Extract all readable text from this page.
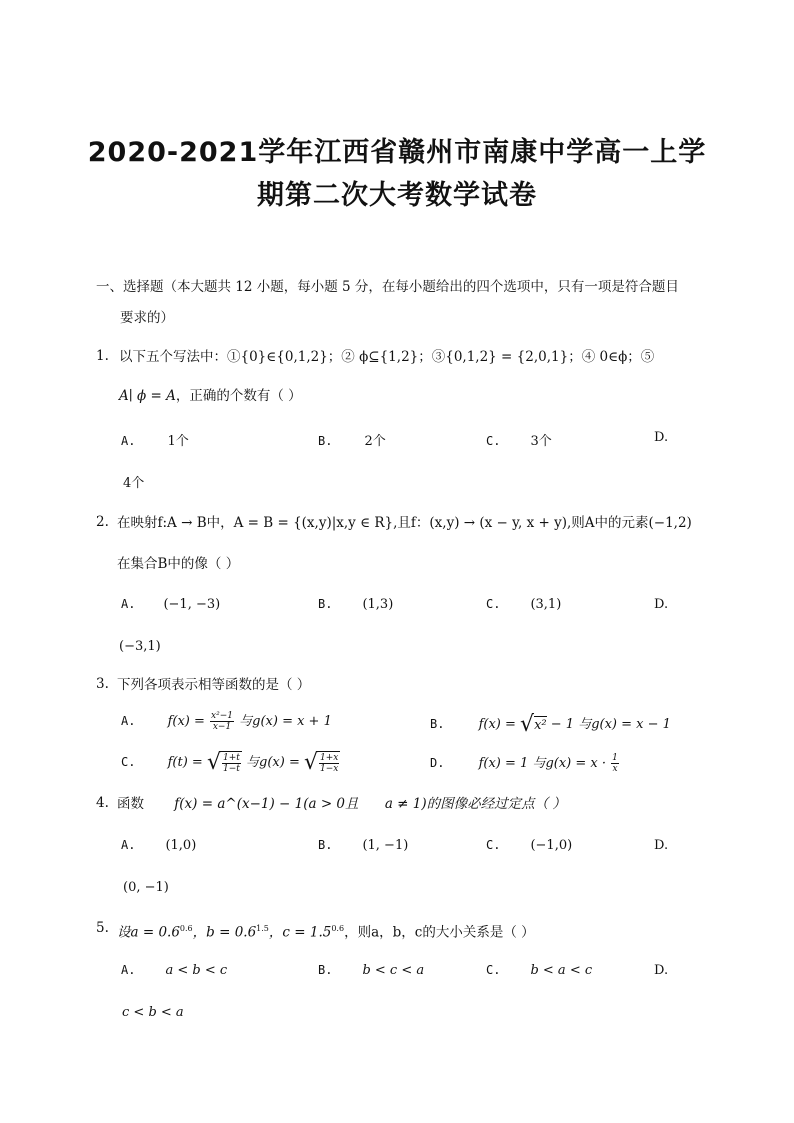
2020-2021学年江西省赣州市南康中学高一上学
期第二次大考数学试卷
一、选择题（本大题共 12 小题，每小题 5 分，在每小题给出的四个选项中，只有一项是符合题目
要求的）
1. 以下五个写法中：①{0}∈{0,1,2}；② ϕ⊆{1,2}；③{0,1,2} = {2,0,1}；④ 0∈ϕ；⑤
A∣ ϕ = A，正确的个数有（ ）
A. 1个	B. 2个	C. 3个	D.
4个
2. 在映射f:A → B中，A = B = {(x,y)|x,y ∈ R},且f：(x,y) → (x − y, x + y),则A中的元素(−1,2)
在集合B中的像（ ）
A. (−1, −3)	B. (1,3)	C. (3,1)	D.
(−3,1)
3. 下列各项表示相等函数的是（ ）
A. $f(x) = \frac{\text{x²−1}}{x-1}$ 与g(x) = x + 1	B.	f(x) = √x² − 1 与g(x) = x − 1
C. f(t) = √ $\frac{1+t}{1-t}$ 与g(x) = √ $\frac{1+x}{1-x}$	D.	f(x) = 1 与$g(x) = x \cdot \frac{1}{x}$
4. 函数 f(x) = a^(x−1) − 1(a > 0且 a ≠ 1)的图像必经过定点（ ）
A. (1,0)	B. (1, −1)	C. (−1,0)	D.
(0, −1)
5. 设$a = 0.6^{0.6}$，$b = 0.6^{1.5}$，$c = 1.5^{0.6}$，则a，b，c的大小关系是（ ）
A. a < b < c	B. b < c < a	C. b < a < c	D.
c < b < a
